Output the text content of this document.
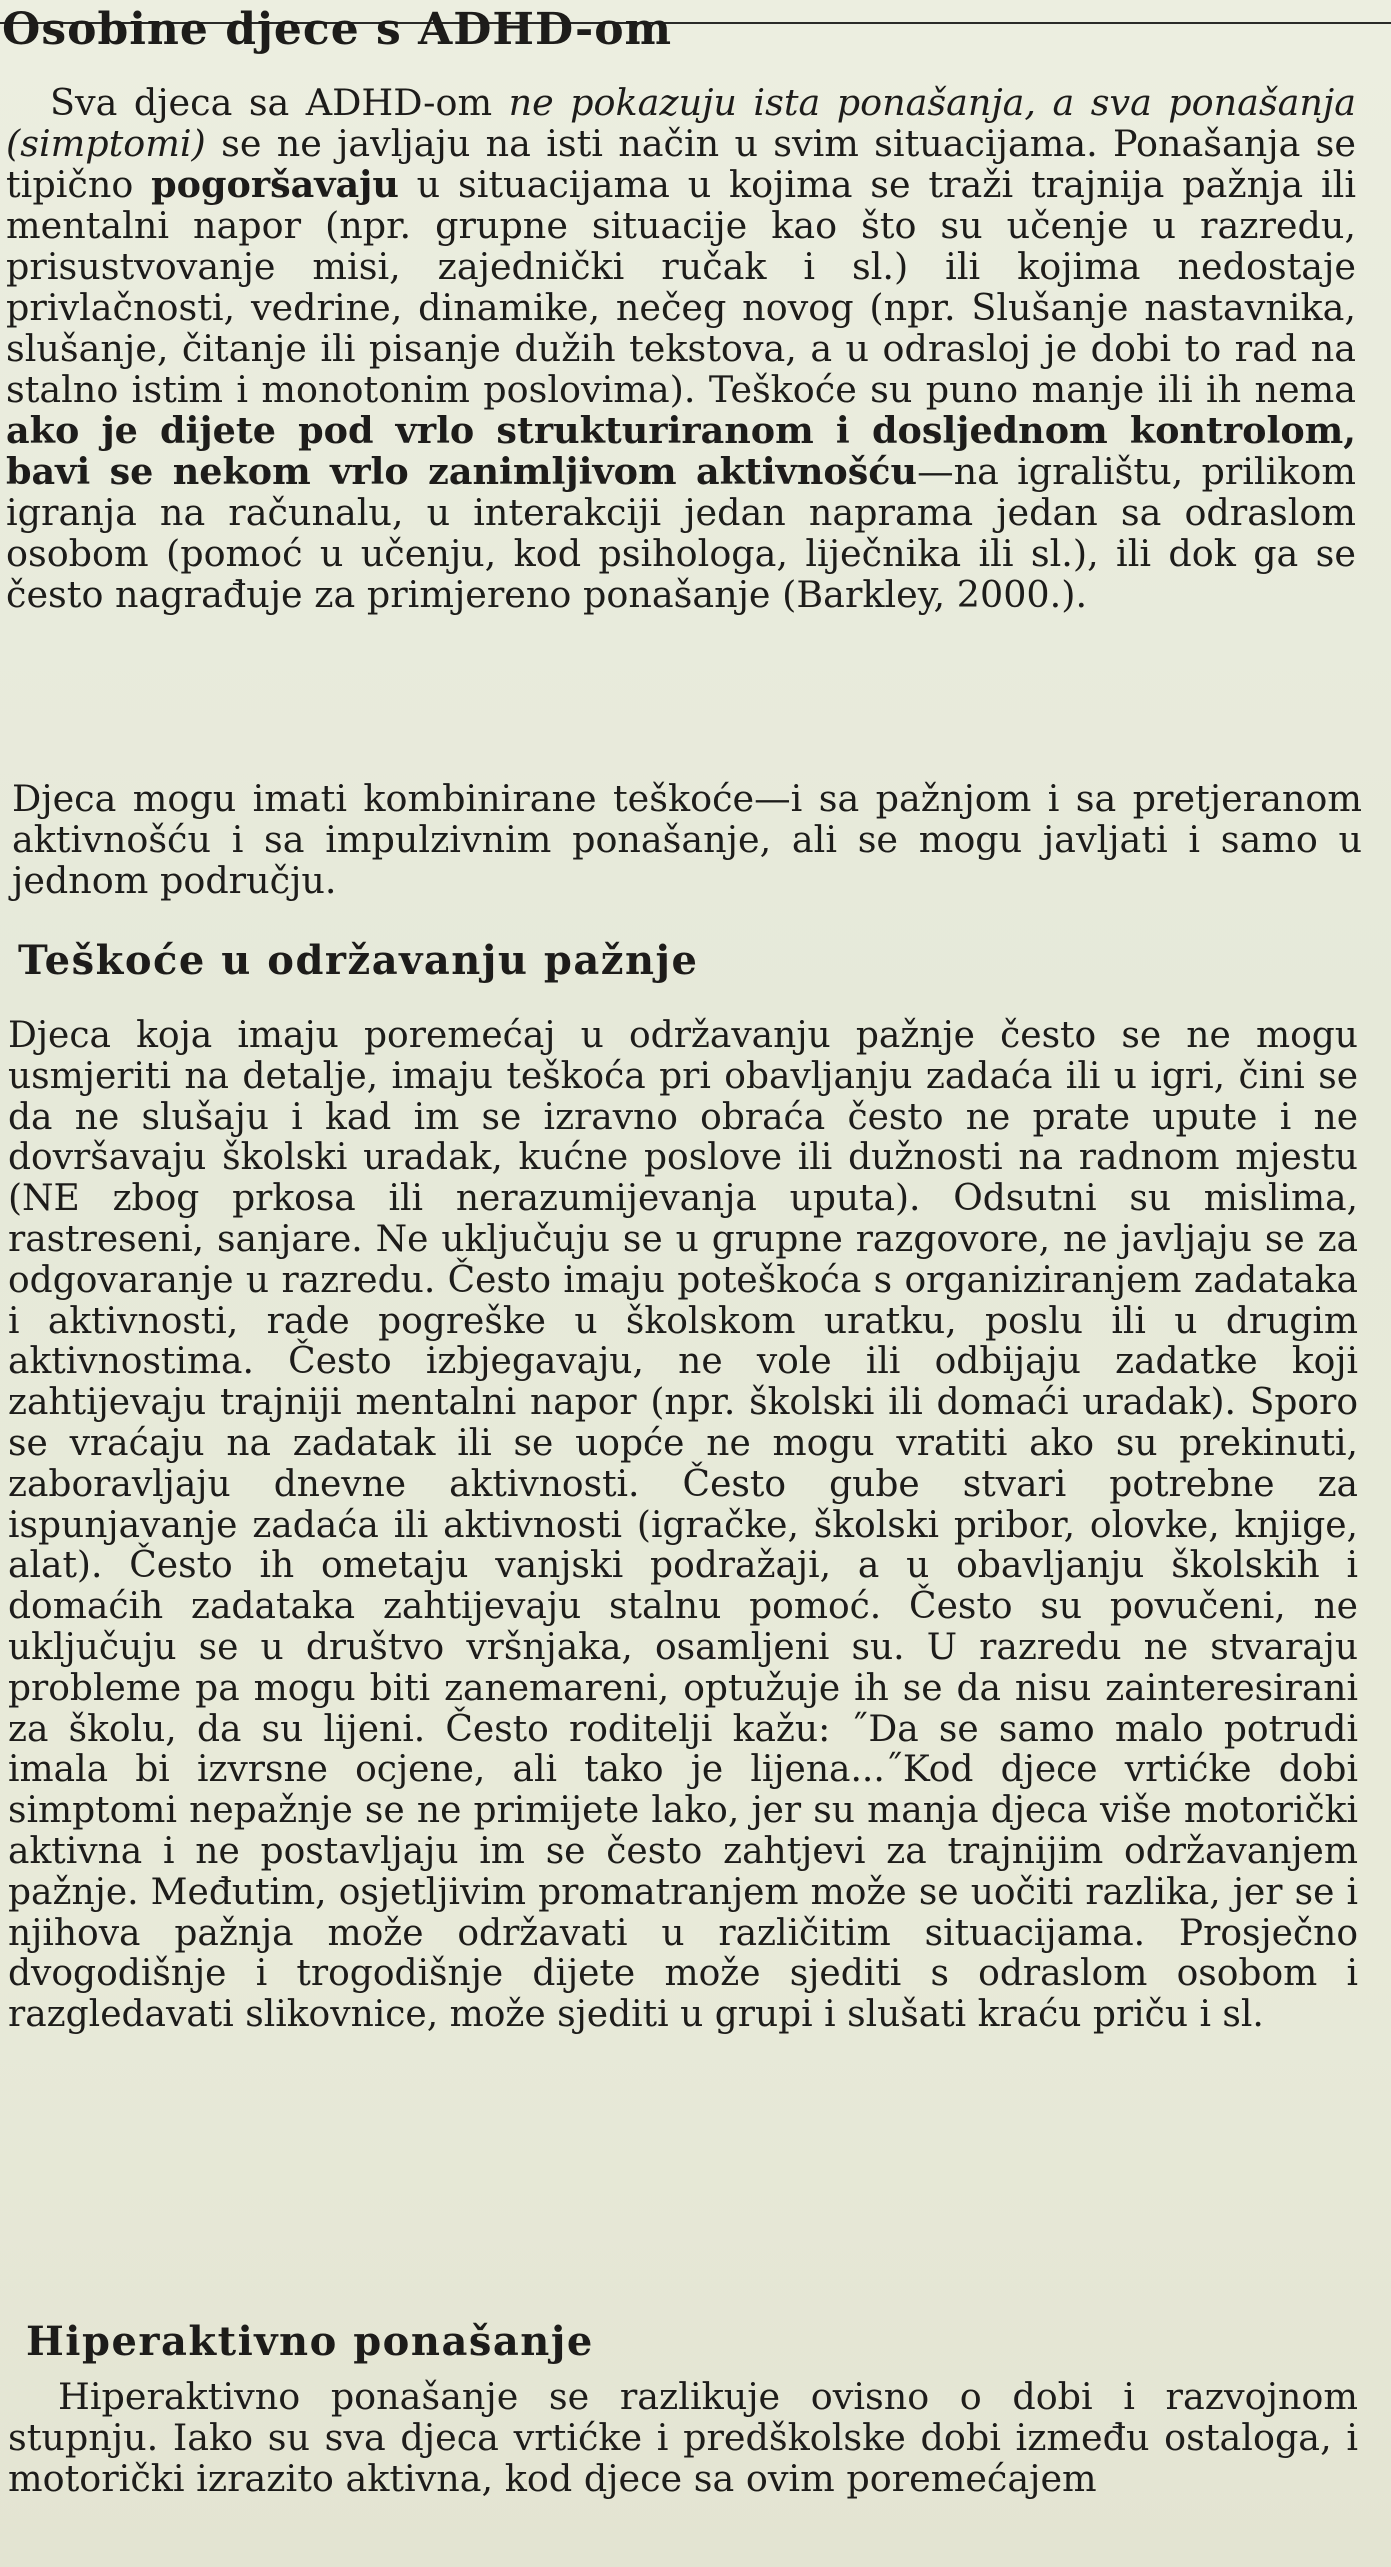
Osobine djece s ADHD-om

Sva djeca sa ADHD-om ne pokazuju ista ponašanja, a sva ponašanja (simptomi) se ne javljaju na isti način u svim situacijama. Ponašanja se tipično pogoršavaju u situacijama u kojima se traži trajnija pažnja ili mentalni napor (npr. grupne situacije kao što su učenje u razredu, prisustvovanje misi, zajednički ručak i sl.) ili kojima nedostaje privlačnosti, vedrine, dinamike, nečeg novog (npr. Slušanje nastavnika, slušanje, čitanje ili pisanje dužih tekstova, a u odrasloj je dobi to rad na stalno istim i monotonim poslovima). Teškoće su puno manje ili ih nema ako je dijete pod vrlo strukturiranom i dosljednom kontrolom, bavi se nekom vrlo zanimljivom aktivnošću—na igralištu, prilikom igranja na računalu, u interakciji jedan naprama jedan sa odraslom osobom (pomoć u učenju, kod psihologa, liječnika ili sl.), ili dok ga se često nagrađuje za primjereno ponašanje (Barkley, 2000.).

Djeca mogu imati kombinirane teškoće—i sa pažnjom i sa pretjeranom aktivnošću i sa impulzivnim ponašanje, ali se mogu javljati i samo u jednom području.

Teškoće u održavanju pažnje

Djeca koja imaju poremećaj u održavanju pažnje često se ne mogu usmjeriti na detalje, imaju teškoća pri obavljanju zadaća ili u igri, čini se da ne slušaju i kad im se izravno obraća često ne prate upute i ne dovršavaju školski uradak, kućne poslove ili dužnosti na radnom mjestu (NE zbog prkosa ili nerazumijevanja uputa). Odsutni su mislima, rastreseni, sanjare. Ne uključuju se u grupne razgovore, ne javljaju se za odgovaranje u razredu. Često imaju poteškoća s organiziranjem zadataka i aktivnosti, rade pogreške u školskom uratku, poslu ili u drugim aktivnostima. Često izbjegavaju, ne vole ili odbijaju zadatke koji zahtijevaju trajniji mentalni napor (npr. školski ili domaći uradak). Sporo se vraćaju na zadatak ili se uopće ne mogu vratiti ako su prekinuti, zaboravljaju dnevne aktivnosti. Često gube stvari potrebne za ispunjavanje zadaća ili aktivnosti (igračke, školski pribor, olovke, knjige, alat). Često ih ometaju vanjski podražaji, a u obavljanju školskih i domaćih zadataka zahtijevaju stalnu pomoć. Često su povučeni, ne uključuju se u društvo vršnjaka, osamljeni su. U razredu ne stvaraju probleme pa mogu biti zanemareni, optužuje ih se da nisu zainteresirani za školu, da su lijeni. Često roditelji kažu: ˝Da se samo malo potrudi imala bi izvrsne ocjene, ali tako je lijena...˝Kod djece vrtićke dobi simptomi nepažnje se ne primijete lako, jer su manja djeca više motorički aktivna i ne postavljaju im se često zahtjevi za trajnijim održavanjem pažnje. Međutim, osjetljivim promatranjem može se uočiti razlika, jer se i njihova pažnja može održavati u različitim situacijama. Prosječno dvogodišnje i trogodišnje dijete može sjediti s odraslom osobom i razgledavati slikovnice, može sjediti u grupi i slušati kraću priču i sl.

Hiperaktivno ponašanje

Hiperaktivno ponašanje se razlikuje ovisno o dobi i razvojnom stupnju. Iako su sva djeca vrtićke i predškolske dobi između ostaloga, i motorički izrazito aktivna, kod djece sa ovim poremećajem
